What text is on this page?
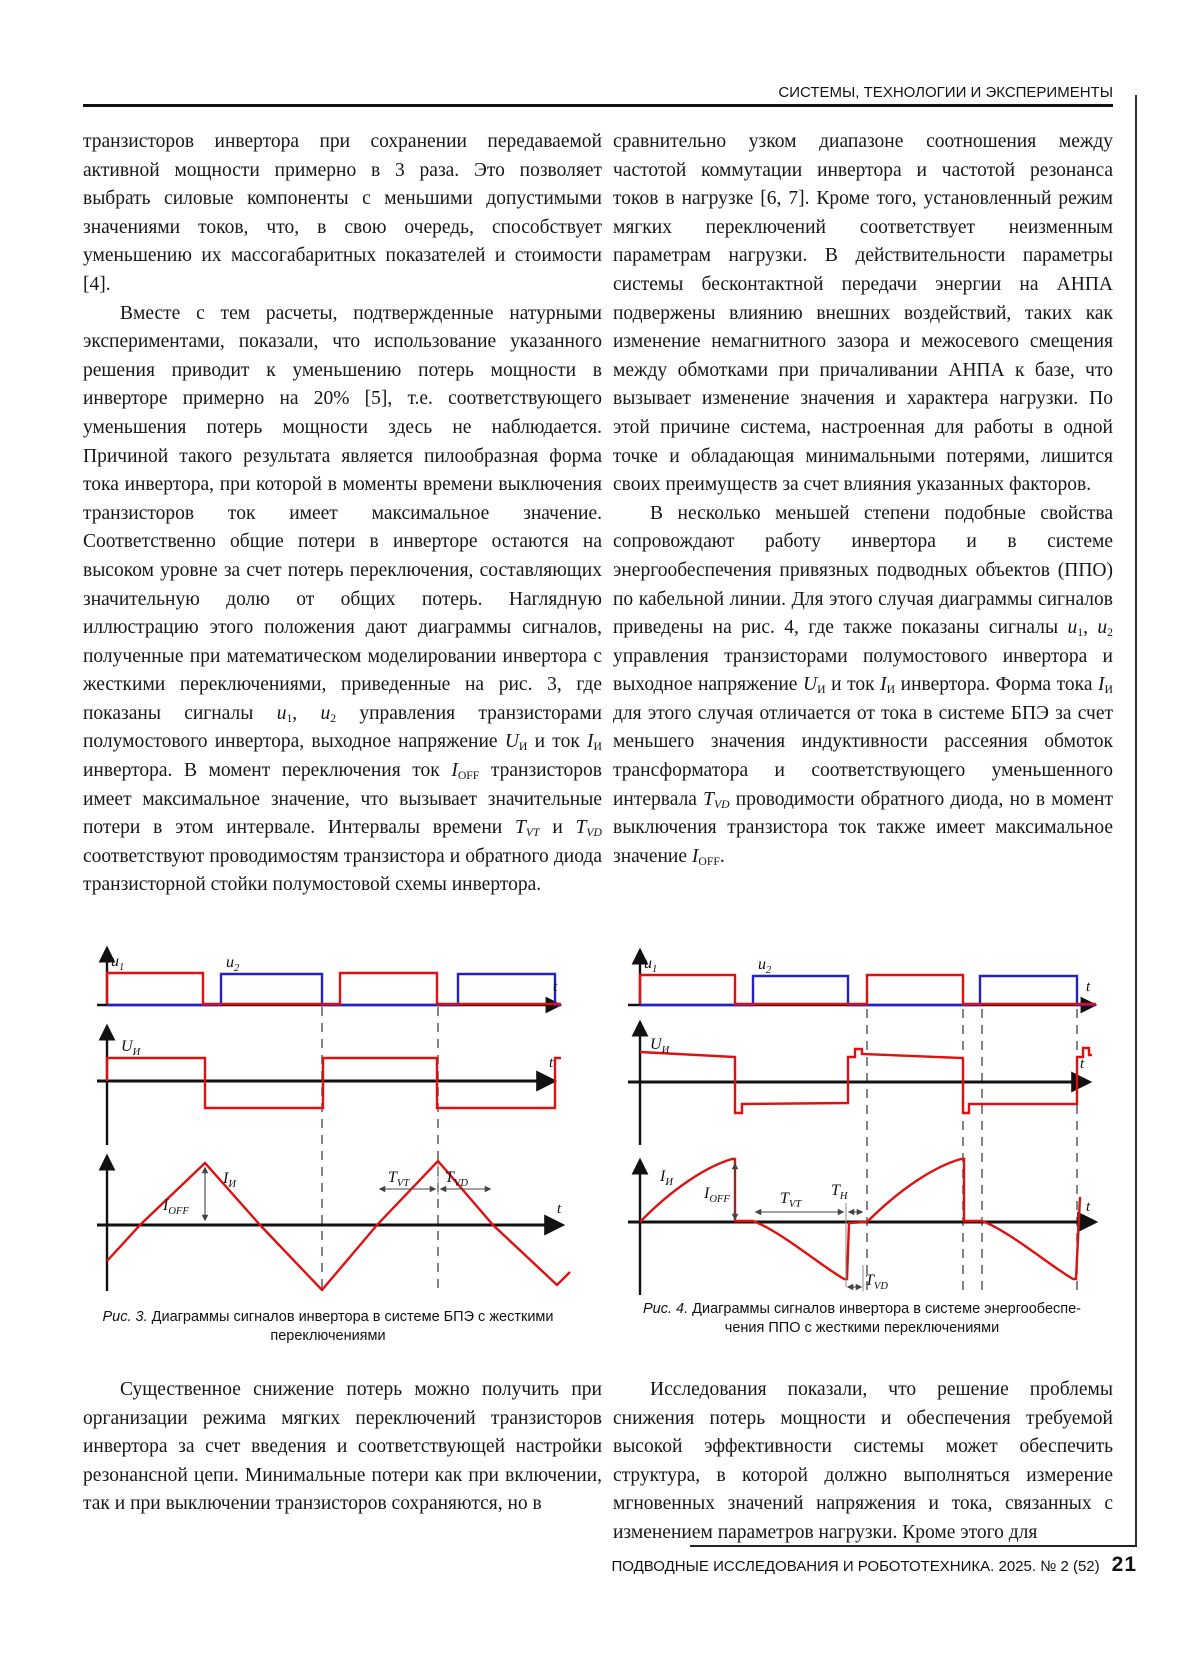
СИСТЕМЫ, ТЕХНОЛОГИИ И ЭКСПЕРИМЕНТЫ

транзисторов инвертора при сохранении передаваемой активной мощности примерно в 3 раза. Это позволяет выбрать силовые компоненты с меньшими допустимыми значениями токов, что, в свою очередь, способствует уменьшению их массогабаритных показателей и стоимости [4].

Вместе с тем расчеты, подтвержденные натурными экспериментами, показали, что использование указанного решения приводит к уменьшению потерь мощности в инверторе примерно на 20% [5], т.е. соответствующего уменьшения потерь мощности здесь не наблюдается. Причиной такого результата является пилообразная форма тока инвертора, при которой в моменты времени выключения транзисторов ток имеет максимальное значение. Соответственно общие потери в инверторе остаются на высоком уровне за счет потерь переключения, составляющих значительную долю от общих потерь. Наглядную иллюстрацию этого положения дают диаграммы сигналов, полученные при математическом моделировании инвертора с жесткими переключениями, приведенные на рис. 3, где показаны сигналы u1, u2 управления транзисторами полумостового инвертора, выходное напряжение UИ и ток IИ инвертора. В момент переключения ток IOFF транзисторов имеет максимальное значение, что вызывает значительные потери в этом интервале. Интервалы времени TVT и TVD соответствуют проводимостям транзистора и обратного диода транзисторной стойки полумостовой схемы инвертора.

сравнительно узком диапазоне соотношения между частотой коммутации инвертора и частотой резонанса токов в нагрузке [6, 7]. Кроме того, установленный режим мягких переключений соответствует неизменным параметрам нагрузки. В действительности параметры системы бесконтактной передачи энергии на АНПА подвержены влиянию внешних воздействий, таких как изменение немагнитного зазора и межосевого смещения между обмотками при причаливании АНПА к базе, что вызывает изменение значения и характера нагрузки. По этой причине система, настроенная для работы в одной точке и обладающая минимальными потерями, лишится своих преимуществ за счет влияния указанных факторов.

В несколько меньшей степени подобные свойства сопровождают работу инвертора и в системе энергообеспечения привязных подводных объектов (ППО) по кабельной линии. Для этого случая диаграммы сигналов приведены на рис. 4, где также показаны сигналы u1, u2 управления транзисторами полумостового инвертора и выходное напряжение UИ и ток IИ инвертора. Форма тока IИ для этого случая отличается от тока в системе БПЭ за счет меньшего значения индуктивности рассеяния обмоток трансформатора и соответствующего уменьшенного интервала TVD проводимости обратного диода, но в момент выключения транзистора ток также имеет максимальное значение IOFF.

$u_1$	$u_2$
t
$U_И$
t
$I_И$
$I_{OFF}$
$T_{VT}$ $T_{VD}$
t
Рис. 3. Диаграммы сигналов инвертора в системе БПЭ с жесткими
переключениями
$u_1$	$u_2$
t
$U_И$
t
$I_И$
$I_{OFF}$	$T_{VT}$
$T_H$
$T_{VD}$
t
Рис. 4. Диаграммы сигналов инвертора в системе энергообеспе-
чения ППО с жесткими переключениями

Существенное снижение потерь можно получить при организации режима мягких переключений транзисторов инвертора за счет введения и соответствующей настройки резонансной цепи. Минимальные потери как при включении, так и при выключении транзисторов сохраняются, но в

Исследования показали, что решение проблемы снижения потерь мощности и обеспечения требуемой высокой эффективности системы может обеспечить структура, в которой должно выполняться измерение мгновенных значений напряжения и тока, связанных с изменением параметров нагрузки. Кроме этого для

ПОДВОДНЫЕ ИССЛЕДОВАНИЯ И РОБОТОТЕХНИКА. 2025. № 2 (52) 21
